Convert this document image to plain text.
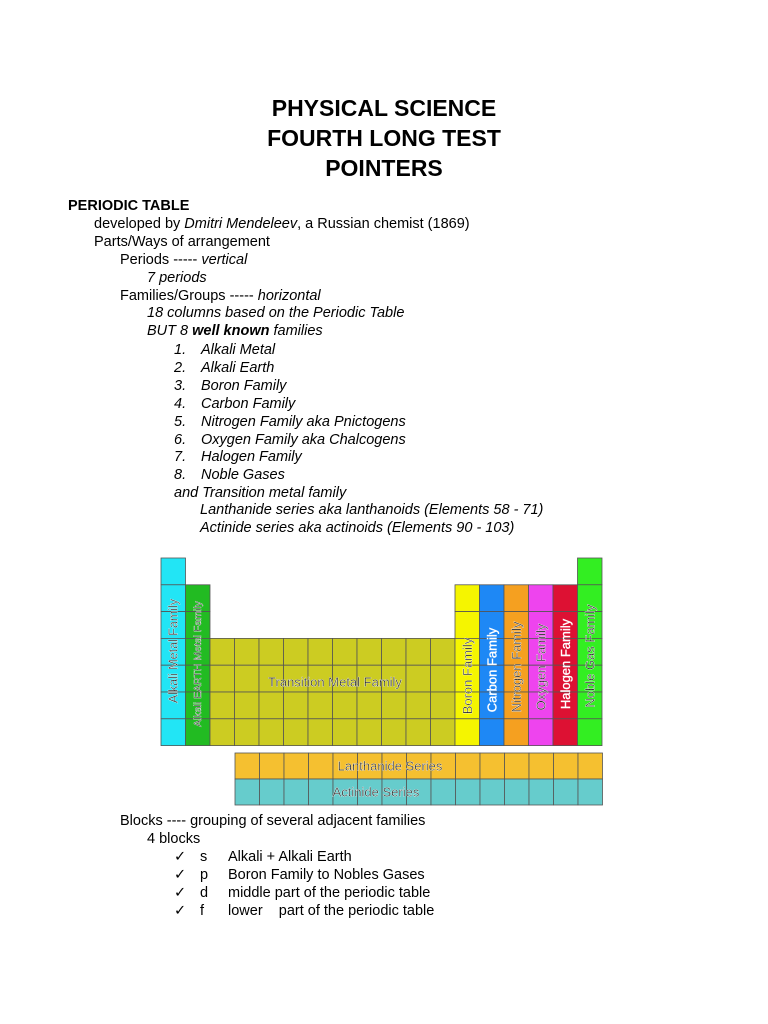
PHYSICAL SCIENCE
FOURTH LONG TEST
POINTERS
PERIODIC TABLE
developed by Dmitri Mendeleev, a Russian chemist (1869)
Parts/Ways of arrangement
Periods ----- vertical
7 periods
Families/Groups ----- horizontal
18 columns based on the Periodic Table
BUT 8 well known families
1. Alkali Metal
2. Alkali Earth
3. Boron Family
4. Carbon Family
5. Nitrogen Family aka Pnictogens
6. Oxygen Family aka Chalcogens
7. Halogen Family
8. Noble Gases
and Transition metal family
Lanthanide series aka lanthanoids (Elements 58 - 71)
Actinide series aka actinoids (Elements 90 - 103)
Alkali Metal Family Alkali EARTH Metal Family	Transition Metal Family	Boron Family Carbon Family Nitrogen Family Oxygen Family Halogen Family Noble Gas Family
Lanthanide Series
Actinide Series
Blocks ---- grouping of several adjacent families
4 blocks
✓ s Alkali + Alkali Earth
✓ p Boron Family to Nobles Gases
✓ d middle part of the periodic table
✓ f lower    part of the periodic table
